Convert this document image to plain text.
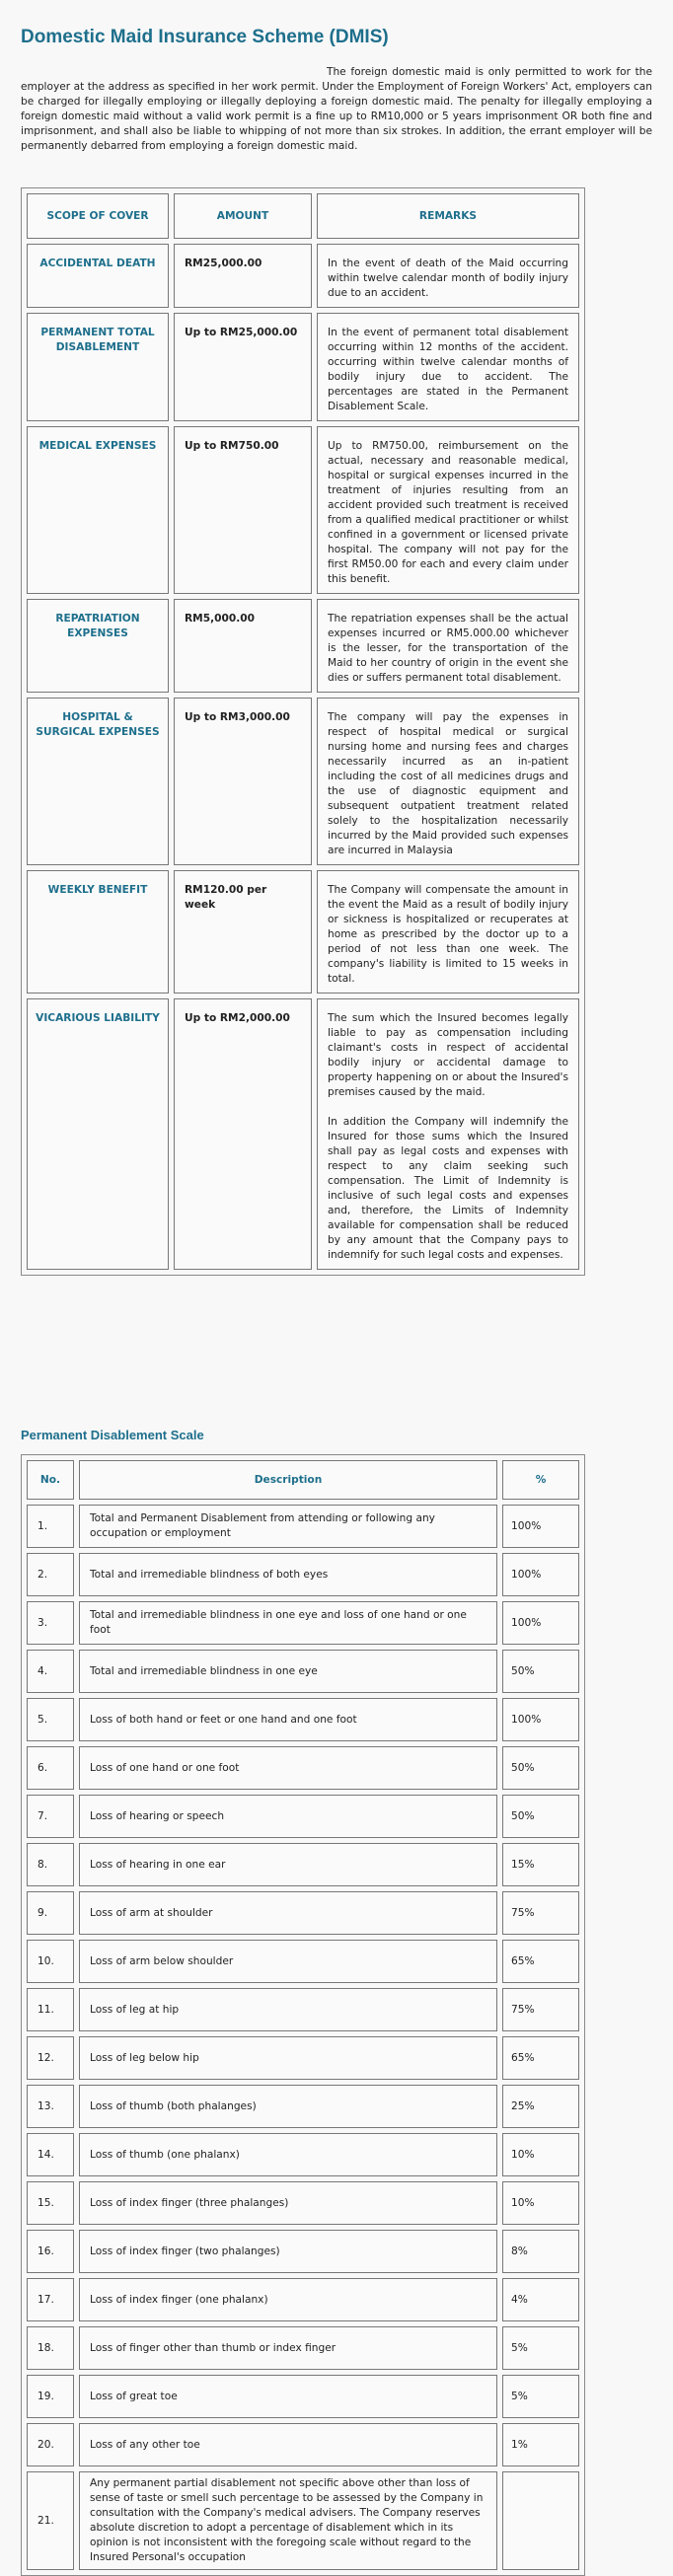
Domestic Maid Insurance Scheme (DMIS)

The foreign domestic maid is only permitted to work for the employer at the address as specified in her work permit. Under the Employment of Foreign Workers' Act, employers can be charged for illegally employing or illegally deploying a foreign domestic maid. The penalty for illegally employing a foreign domestic maid without a valid work permit is a fine up to RM10,000 or 5 years imprisonment OR both fine and imprisonment, and shall also be liable to whipping of not more than six strokes. In addition, the errant employer will be permanently debarred from employing a foreign domestic maid.

SCOPE OF COVER	AMOUNT	REMARKS
ACCIDENTAL DEATH	RM25,000.00	In the event of death of the Maid occurring within twelve calendar month of bodily injury due to an accident.

PERMANENT TOTAL DISABLEMENT	Up to RM25,000.00	In the event of permanent total disablement occurring within 12 months of the accident. occurring within twelve calendar months of bodily injury due to accident. The percentages are stated in the Permanent Disablement Scale.

MEDICAL EXPENSES	Up to RM750.00	Up to RM750.00, reimbursement on the actual, necessary and reasonable medical, hospital or surgical expenses incurred in the treatment of injuries resulting from an accident provided such treatment is received from a qualified medical practitioner or whilst confined in a government or licensed private hospital. The company will not pay for the first RM50.00 for each and every claim under this benefit.

REPATRIATION EXPENSES	RM5,000.00	The repatriation expenses shall be the actual expenses incurred or RM5.000.00 whichever is the lesser, for the transportation of the Maid to her country of origin in the event she dies or suffers permanent total disablement.

HOSPITAL & SURGICAL EXPENSES	Up to RM3,000.00	The company will pay the expenses in respect of hospital medical or surgical nursing home and nursing fees and charges necessarily incurred as an in-patient including the cost of all medicines drugs and the use of diagnostic equipment and subsequent outpatient treatment related solely to the hospitalization necessarily incurred by the Maid provided such expenses are incurred in Malaysia

WEEKLY BENEFIT	RM120.00 per week	The Company will compensate the amount in the event the Maid as a result of bodily injury or sickness is hospitalized or recuperates at home as prescribed by the doctor up to a period of not less than one week. The company's liability is limited to 15 weeks in total.

VICARIOUS LIABILITY	Up to RM2,000.00	The sum which the Insured becomes legally liable to pay as compensation including claimant's costs in respect of accidental bodily injury or accidental damage to property happening on or about the Insured's premises caused by the maid.
In addition the Company will indemnify the Insured for those sums which the Insured shall pay as legal costs and expenses with respect to any claim seeking such compensation. The Limit of Indemnity is inclusive of such legal costs and expenses and, therefore, the Limits of Indemnity available for compensation shall be reduced by any amount that the Company pays to indemnify for such legal costs and expenses.
Permanent Disablement Scale
No.	Description	%
1.	Total and Permanent Disablement from attending or following any occupation or employment	100%
2.	Total and irremediable blindness of both eyes	100%
3.	Total and irremediable blindness in one eye and loss of one hand or one foot	100%
4.	Total and irremediable blindness in one eye	50%
5.	Loss of both hand or feet or one hand and one foot	100%
6.	Loss of one hand or one foot	50%
7.	Loss of hearing or speech	50%
8.	Loss of hearing in one ear	15%
9.	Loss of arm at shoulder	75%
10.	Loss of arm below shoulder	65%
11.	Loss of leg at hip	75%
12.	Loss of leg below hip	65%
13.	Loss of thumb (both phalanges)	25%
14.	Loss of thumb (one phalanx)	10%
15.	Loss of index finger (three phalanges)	10%
16.	Loss of index finger (two phalanges)	8%
17.	Loss of index finger (one phalanx)	4%
18.	Loss of finger other than thumb or index finger	5%
19.	Loss of great toe	5%
20.	Loss of any other toe	1%
21.	Any permanent partial disablement not specific above other than loss of sense of taste or smell such percentage to be assessed by the Company in consultation with the Company's medical advisers. The Company reserves absolute discretion to adopt a percentage of disablement which in its opinion is not inconsistent with the foregoing scale without regard to the Insured Personal's occupation	
